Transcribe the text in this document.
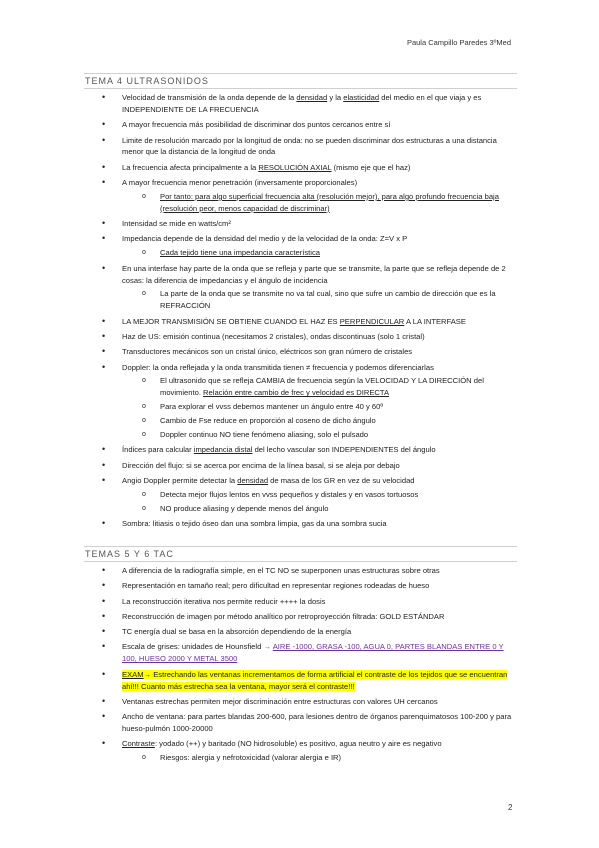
Paula Campillo Paredes 3ºMed
TEMA 4 ULTRASONIDOS
• Velocidad de transmisión de la onda depende de la densidad y la elasticidad del medio en el que viaja y es INDEPENDIENTE DE LA FRECUENCIA
• A mayor frecuencia más posibilidad de discriminar dos puntos cercanos entre sí
• Limite de resolución marcado por la longitud de onda: no se pueden discriminar dos estructuras a una distancia menor que la distancia de la longitud de onda
• La frecuencia afecta principalmente a la RESOLUCIÓN AXIAL (mismo eje que el haz)
• A mayor frecuencia menor penetración (inversamente proporcionales)
o Por tanto: para algo superficial frecuencia alta (resolución mejor), para algo profundo frecuencia baja (resolución peor, menos capacidad de discriminar)
• Intensidad se mide en watts/cm²
• Impedancia depende de la densidad del medio y de la velocidad de la onda: Z=V x P
o Cada tejido tiene una impedancia característica
• En una interfase hay parte de la onda que se refleja y parte que se transmite, la parte que se refleja depende de 2 cosas: la diferencia de impedancias y el ángulo de incidencia
o La parte de la onda que se transmite no va tal cual, sino que sufre un cambio de dirección que es la REFRACCIÓN
• LA MEJOR TRANSMISIÓN SE OBTIENE CUANDO EL HAZ ES PERPENDICULAR A LA INTERFASE
• Haz de US: emisión continua (necesitamos 2 cristales), ondas discontinuas (solo 1 cristal)
• Transductores mecánicos son un cristal único, eléctricos son gran número de cristales
• Doppler: la onda reflejada y la onda transmitida tienen ≠ frecuencia y podemos diferenciarlas
o El ultrasonido que se refleja CAMBIA de frecuencia según la VELOCIDAD Y LA DIRECCIÓN del movimiento. Relación entre cambio de frec y velocidad es DIRECTA
o Para explorar el vvss debemos mantener un ángulo entre 40 y 60º
o Cambio de Fse reduce en proporción al coseno de dicho ángulo
o Doppler continuo NO tiene fenómeno aliasing, solo el pulsado
• Índices para calcular impedancia distal del lecho vascular son INDEPENDIENTES del ángulo
• Dirección del flujo: si se acerca por encima de la línea basal, si se aleja por debajo
• Angio Doppler permite detectar la densidad de masa de los GR en vez de su velocidad
o Detecta mejor flujos lentos en vvss pequeños y distales y en vasos tortuosos
o NO produce aliasing y depende menos del ángulo
• Sombra: litiasis o tejido óseo dan una sombra limpia, gas da una sombra sucia
TEMAS 5 Y 6 TAC
• A diferencia de la radiografía simple, en el TC NO se superponen unas estructuras sobre otras
• Representación en tamaño real; pero dificultad en representar regiones rodeadas de hueso
• La reconstrucción iterativa nos permite reducir ++++ la dosis
• Reconstrucción de imagen por método analítico por retroproyección filtrada: GOLD ESTÁNDAR
• TC energía dual se basa en la absorción dependiendo de la energía
• Escala de grises: unidades de Hounsfield → AIRE -1000, GRASA -100, AGUA 0, PARTES BLANDAS ENTRE 0 Y 100, HUESO 2000 Y METAL 3500
• EXAM→ Estrechando las ventanas incrementamos de forma artificial el contraste de los tejidos que se encuentran ahí!!! Cuanto más estrecha sea la ventana, mayor será el contraste!!!
• Ventanas estrechas permiten mejor discriminación entre estructuras con valores UH cercanos
• Ancho de ventana: para partes blandas 200-600, para lesiones dentro de órganos parenquimatosos 100-200 y para hueso-pulmón 1000-20000
• Contraste: yodado (++) y baritado (NO hidrosoluble) es positivo, agua neutro y aire es negativo
o Riesgos: alergia y nefrotoxicidad (valorar alergia e IR)
2
